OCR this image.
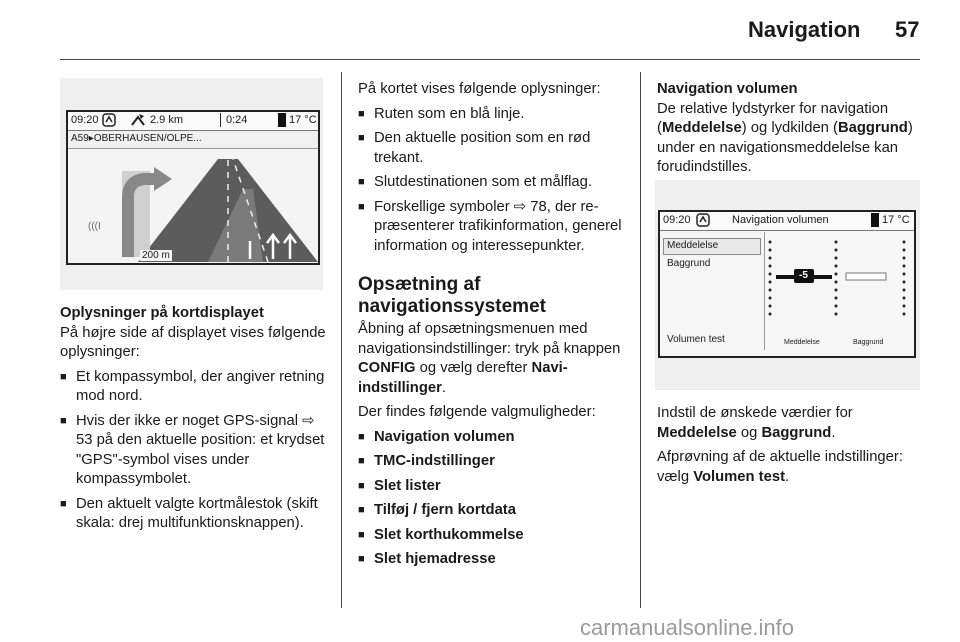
Navigation 57
09:20	2.9 km	0:24	17 °C
A59▸OBERHAUSEN/OLPE...
(((I
200 m

Oplysninger på kortdisplayet

På højre side af displayet vises følgende oplysninger:

■ Et kompassymbol, der angiver retning mod nord.
■ Hvis der ikke er noget GPS-signal ⇨ 53 på den aktuelle position: et krydset "GPS"-symbol vises under kompassymbolet.
■ Den aktuelt valgte kortmålestok (skift skala: drej multifunktionsknappen).

På kortet vises følgende oplysninger:

■ Ruten som en blå linje.
■ Den aktuelle position som en rød trekant.
■ Slutdestinationen som et målflag.
■ Forskellige symboler ⇨ 78, der repræsenterer trafikinformation, generel information og interessepunkter.

Opsætning af navigationssystemet

Åbning af opsætningsmenuen med navigationsindstillinger: tryk på knappen CONFIG og vælg derefter Naviindstillinger.

Der findes følgende valgmuligheder:

■ Navigation volumen
■ TMC-indstillinger
■ Slet lister
■ Tilføj / fjern kortdata
■ Slet korthukommelse
■ Slet hjemadresse

Navigation volumen

De relative lydstyrker for navigation (Meddelelse) og lydkilden (Baggrund) under en navigationsmeddelelse kan forudindstilles.

09:20	Navigation volumen	17 °C
Meddelelse
Baggrund
Volumen test
-5
Meddelelse	Baggrund

Indstil de ønskede værdier for Meddelelse og Baggrund.

Afprøvning af de aktuelle indstillinger: vælg Volumen test.

carmanualsonline.info
